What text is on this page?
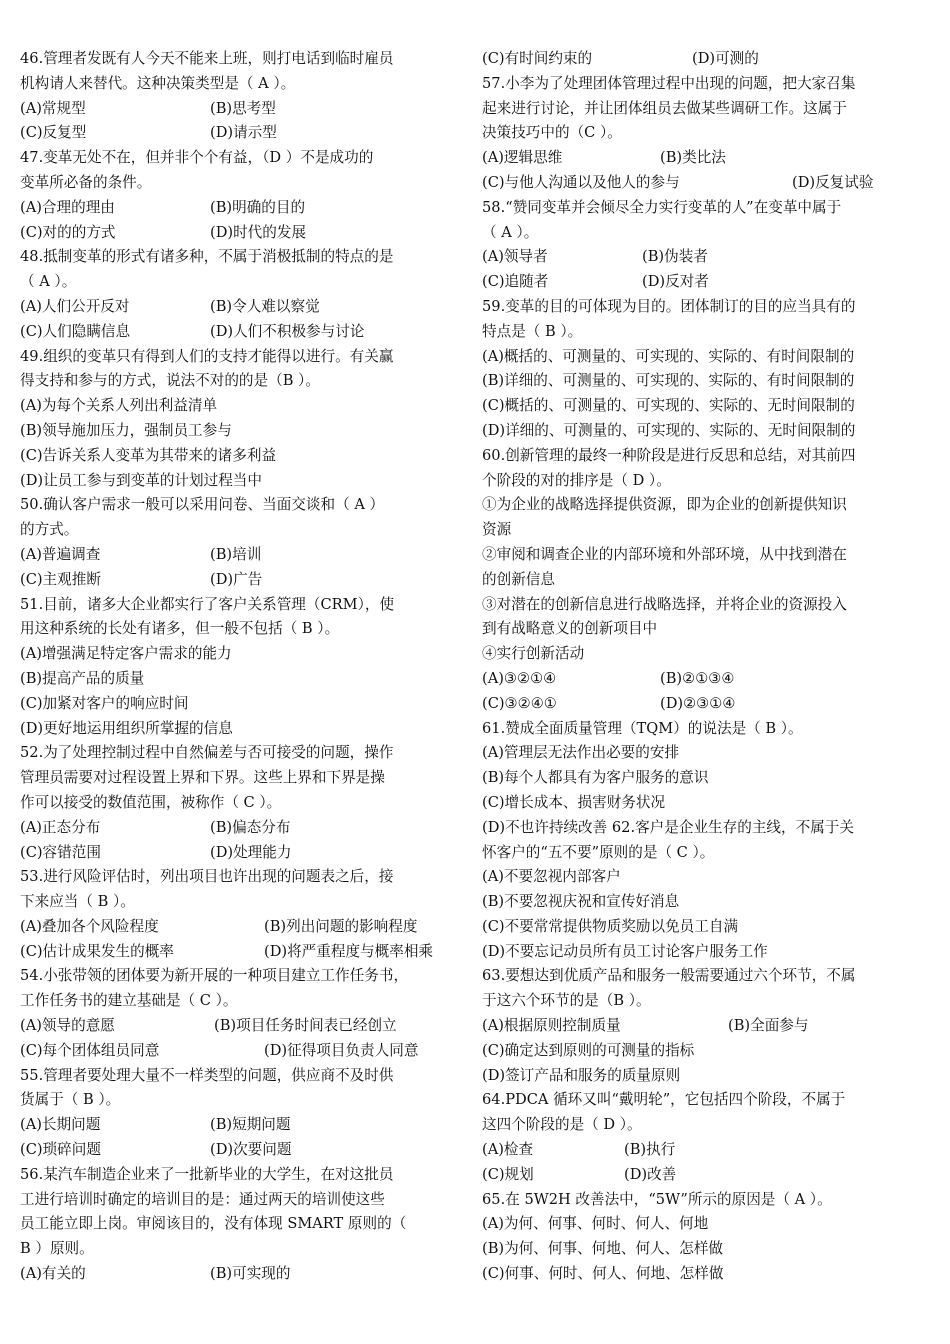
46.管理者发既有人今天不能来上班，则打电话到临时雇员
机构请人来替代。这种决策类型是（ A ）。
(A)常规型	(B)思考型
(C)反复型	(D)请示型
47.变革无处不在，但并非个个有益，（D ）不是成功的
变革所必备的条件。
(A)合理的理由	(B)明确的目的
(C)对的的方式	(D)时代的发展
48.抵制变革的形式有诸多种，不属于消极抵制的特点的是
（ A ）。
(A)人们公开反对	(B)令人难以察觉
(C)人们隐瞒信息	(D)人们不积极参与讨论
49.组织的变革只有得到人们的支持才能得以进行。有关赢
得支持和参与的方式，说法不对的的是（B ）。
(A)为每个关系人列出利益清单
(B)领导施加压力，强制员工参与
(C)告诉关系人变革为其带来的诸多利益
(D)让员工参与到变革的计划过程当中
50.确认客户需求一般可以采用问卷、当面交谈和（ A ）
的方式。
(A)普遍调查	(B)培训
(C)主观推断	(D)广告
51.目前，诸多大企业都实行了客户关系管理（CRM），使
用这种系统的长处有诸多，但一般不包括（ B ）。
(A)增强满足特定客户需求的能力
(B)提高产品的质量
(C)加紧对客户的响应时间
(D)更好地运用组织所掌握的信息
52.为了处理控制过程中自然偏差与否可接受的问题，操作
管理员需要对过程设置上界和下界。这些上界和下界是操
作可以接受的数值范围，被称作（ C ）。
(A)正态分布	(B)偏态分布
(C)容错范围	(D)处理能力
53.进行风险评估时，列出项目也许出现的问题表之后，接
下来应当（ B ）。
(A)叠加各个风险程度	(B)列出问题的影响程度
(C)估计成果发生的概率	(D)将严重程度与概率相乘
54.小张带领的团体要为新开展的一种项目建立工作任务书，
工作任务书的建立基础是（ C ）。
(A)领导的意愿	(B)项目任务时间表已经创立
(C)每个团体组员同意	(D)征得项目负责人同意
55.管理者要处理大量不一样类型的问题，供应商不及时供
货属于（ B ）。
(A)长期问题	(B)短期问题
(C)琐碎问题	(D)次要问题
56.某汽车制造企业来了一批新毕业的大学生，在对这批员
工进行培训时确定的培训目的是：通过两天的培训使这些
员工能立即上岗。审阅该目的，没有体现 SMART 原则的（
B ）原则。
(A)有关的	(B)可实现的
(C)有时间约束的	(D)可测的
57.小李为了处理团体管理过程中出现的问题，把大家召集
起来进行讨论，并让团体组员去做某些调研工作。这属于
决策技巧中的（C ）。
(A)逻辑思维	(B)类比法
(C)与他人沟通以及他人的参与	(D)反复试验
58.“赞同变革并会倾尽全力实行变革的人”在变革中属于
（ A ）。
(A)领导者	(B)伪装者
(C)追随者	(D)反对者
59.变革的目的可体现为目的。团体制订的目的应当具有的
特点是（ B ）。
(A)概括的、可测量的、可实现的、实际的、有时间限制的
(B)详细的、可测量的、可实现的、实际的、有时间限制的
(C)概括的、可测量的、可实现的、实际的、无时间限制的
(D)详细的、可测量的、可实现的、实际的、无时间限制的
60.创新管理的最终一种阶段是进行反思和总结，对其前四
个阶段的对的排序是（ D ）。
①为企业的战略选择提供资源，即为企业的创新提供知识
资源
②审阅和调查企业的内部环境和外部环境，从中找到潜在
的创新信息
③对潜在的创新信息进行战略选择，并将企业的资源投入
到有战略意义的创新项目中
④实行创新活动
(A)③②①④	(B)②①③④
(C)③②④①	(D)②③①④
61.赞成全面质量管理（TQM）的说法是（ B ）。
(A)管理层无法作出必要的安排
(B)每个人都具有为客户服务的意识
(C)增长成本、损害财务状况
(D)不也许持续改善 62.客户是企业生存的主线，不属于关
怀客户的“五不要”原则的是（ C ）。
(A)不要忽视内部客户
(B)不要忽视庆祝和宣传好消息
(C)不要常常提供物质奖励以免员工自满
(D)不要忘记动员所有员工讨论客户服务工作
63.要想达到优质产品和服务一般需要通过六个环节，不属
于这六个环节的是（B ）。
(A)根据原则控制质量	(B)全面参与
(C)确定达到原则的可测量的指标
(D)签订产品和服务的质量原则
64.PDCA 循环又叫“戴明轮”，它包括四个阶段，不属于
这四个阶段的是（ D ）。
(A)检查	(B)执行
(C)规划	(D)改善
65.在 5W2H 改善法中，“5W”所示的原因是（ A ）。
(A)为何、何事、何时、何人、何地
(B)为何、何事、何地、何人、怎样做
(C)何事、何时、何人、何地、怎样做
